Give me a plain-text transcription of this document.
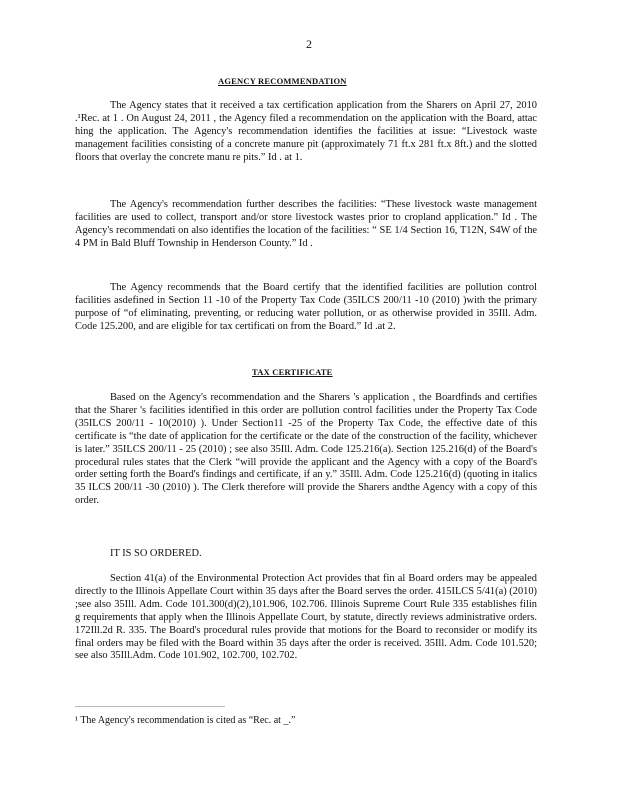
2
AGENCY RECOMMENDATION
The Agency states that it received a tax certification application from the Sharers on April 27, 2010 .¹Rec. at 1 . On August 24, 2011 , the Agency filed a recommendation on the application with the Board, attac hing the application. The Agency's recommendation identifies the facilities at issue: “Livestock waste management facilities consisting of a concrete manure pit (approximately 71 ft.x 281 ft.x 8ft.) and the slotted floors that overlay the concrete manu re pits.” Id . at 1.
The Agency's recommendation further describes the facilities: “These livestock waste management facilities are used to collect, transport and/or store livestock wastes prior to cropland application.” Id . The Agency's recommendati on also identifies the location of the facilities: “ SE 1/4 Section 16, T12N, S4W of the 4 PM in Bald Bluff Township in Henderson County.” Id .
The Agency recommends that the Board certify that the identified facilities are pollution control facilities asdefined in Section 11 -10 of the Property Tax Code (35ILCS 200/11 -10 (2010) )with the primary purpose of “of eliminating, preventing, or reducing water pollution, or as otherwise provided in 35Ill. Adm. Code 125.200, and are eligible for tax certificati on from the Board.” Id .at 2.
TAX CERTIFICATE
Based on the Agency's recommendation and the Sharers 's application , the Boardfinds and certifies that the Sharer 's facilities identified in this order are pollution control facilities under the Property Tax Code (35ILCS 200/11 - 10(2010) ). Under Section11 -25 of the Property Tax Code, the effective date of this certificate is “the date of application for the certificate or the date of the construction of the facility, whichever is later.” 35ILCS 200/11 - 25 (2010) ; see also 35Ill. Adm. Code 125.216(a). Section 125.216(d) of the Board's procedural rules states that the Clerk “will provide the applicant and the Agency with a copy of the Board's order setting forth the Board's findings and certificate, if an y.” 35Ill. Adm. Code 125.216(d) (quoting in italics 35 ILCS 200/11 -30 (2010) ). The Clerk therefore will provide the Sharers andthe Agency with a copy of this order.
IT IS SO ORDERED.
Section 41(a) of the Environmental Protection Act provides that fin al Board orders may be appealed directly to the Illinois Appellate Court within 35 days after the Board serves the order. 415ILCS 5/41(a) (2010) ;see also 35Ill. Adm. Code 101.300(d)(2),101.906, 102.706. Illinois Supreme Court Rule 335 establishes filin g requirements that apply when the Illinois Appellate Court, by statute, directly reviews administrative orders. 172Ill.2d R. 335. The Board's procedural rules provide that motions for the Board to reconsider or modify its final orders may be filed with the Board within 35 days after the order is received. 35Ill. Adm. Code 101.520; see also 35Ill.Adm. Code 101.902, 102.700, 102.702.
¹ The Agency's recommendation is cited as “Rec. at _.”
